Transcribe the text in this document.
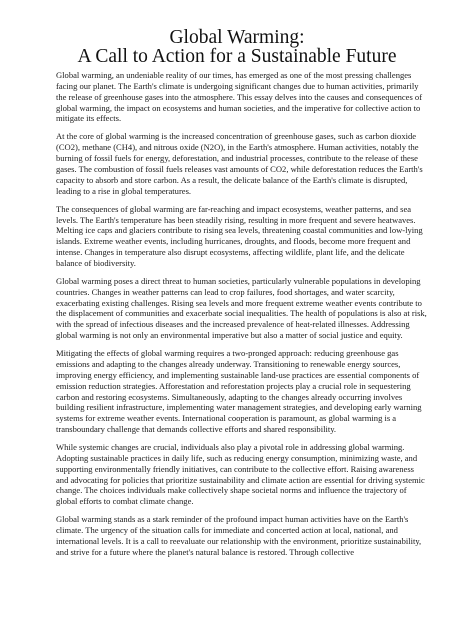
Global Warming:
A Call to Action for a Sustainable Future

Global warming, an undeniable reality of our times, has emerged as one of the most pressing challenges facing our planet. The Earth's climate is undergoing significant changes due to human activities, primarily the release of greenhouse gases into the atmosphere. This essay delves into the causes and consequences of global warming, the impact on ecosystems and human societies, and the imperative for collective action to mitigate its effects.

At the core of global warming is the increased concentration of greenhouse gases, such as carbon dioxide (CO2), methane (CH4), and nitrous oxide (N2O), in the Earth's atmosphere. Human activities, notably the burning of fossil fuels for energy, deforestation, and industrial processes, contribute to the release of these gases. The combustion of fossil fuels releases vast amounts of CO2, while deforestation reduces the Earth's capacity to absorb and store carbon. As a result, the delicate balance of the Earth's climate is disrupted, leading to a rise in global temperatures.

The consequences of global warming are far-reaching and impact ecosystems, weather patterns, and sea levels. The Earth's temperature has been steadily rising, resulting in more frequent and severe heatwaves. Melting ice caps and glaciers contribute to rising sea levels, threatening coastal communities and low-lying islands. Extreme weather events, including hurricanes, droughts, and floods, become more frequent and intense. Changes in temperature also disrupt ecosystems, affecting wildlife, plant life, and the delicate balance of biodiversity.

Global warming poses a direct threat to human societies, particularly vulnerable populations in developing countries. Changes in weather patterns can lead to crop failures, food shortages, and water scarcity, exacerbating existing challenges. Rising sea levels and more frequent extreme weather events contribute to the displacement of communities and exacerbate social inequalities. The health of populations is also at risk, with the spread of infectious diseases and the increased prevalence of heat-related illnesses. Addressing global warming is not only an environmental imperative but also a matter of social justice and equity.

Mitigating the effects of global warming requires a two-pronged approach: reducing greenhouse gas emissions and adapting to the changes already underway. Transitioning to renewable energy sources, improving energy efficiency, and implementing sustainable land-use practices are essential components of emission reduction strategies. Afforestation and reforestation projects play a crucial role in sequestering carbon and restoring ecosystems. Simultaneously, adapting to the changes already occurring involves building resilient infrastructure, implementing water management strategies, and developing early warning systems for extreme weather events. International cooperation is paramount, as global warming is a transboundary challenge that demands collective efforts and shared responsibility.

While systemic changes are crucial, individuals also play a pivotal role in addressing global warming. Adopting sustainable practices in daily life, such as reducing energy consumption, minimizing waste, and supporting environmentally friendly initiatives, can contribute to the collective effort. Raising awareness and advocating for policies that prioritize sustainability and climate action are essential for driving systemic change. The choices individuals make collectively shape societal norms and influence the trajectory of global efforts to combat climate change.

Global warming stands as a stark reminder of the profound impact human activities have on the Earth's climate. The urgency of the situation calls for immediate and concerted action at local, national, and international levels. It is a call to reevaluate our relationship with the environment, prioritize sustainability, and strive for a future where the planet's natural balance is restored. Through collective
